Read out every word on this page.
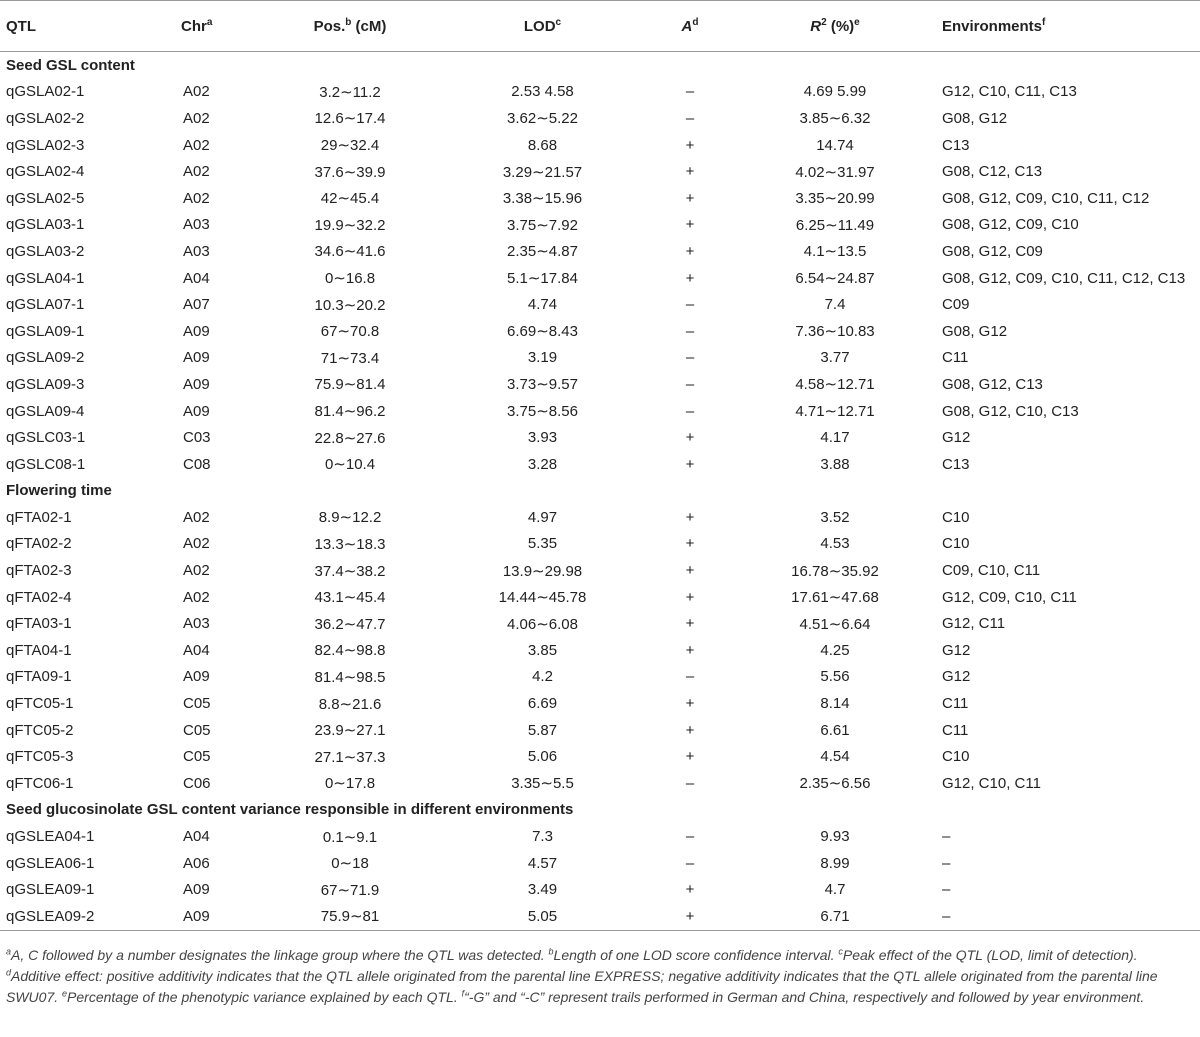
QTL	Chr$^a$	Pos.$^b$ (cM)	LOD$^c$	$A^d$	$R^2$ (%)$^e$	Environments$^f$
Seed GSL content						
qGSLA02-1	A02	3.2∼11.2	2.53 4.58	–	4.69 5.99	G12, C10, C11, C13
qGSLA02-2	A02	12.6∼17.4	3.62∼5.22	–	3.85∼6.32	G08, G12
qGSLA02-3	A02	29∼32.4	8.68	+	14.74	C13
qGSLA02-4	A02	37.6∼39.9	3.29∼21.57	+	4.02∼31.97	G08, C12, C13
qGSLA02-5	A02	42∼45.4	3.38∼15.96	+	3.35∼20.99	G08, G12, C09, C10, C11, C12
qGSLA03-1	A03	19.9∼32.2	3.75∼7.92	+	6.25∼11.49	G08, G12, C09, C10
qGSLA03-2	A03	34.6∼41.6	2.35∼4.87	+	4.1∼13.5	G08, G12, C09
qGSLA04-1	A04	0∼16.8	5.1∼17.84	+	6.54∼24.87	G08, G12, C09, C10, C11, C12, C13
qGSLA07-1	A07	10.3∼20.2	4.74	–	7.4	C09
qGSLA09-1	A09	67∼70.8	6.69∼8.43	–	7.36∼10.83	G08, G12
qGSLA09-2	A09	71∼73.4	3.19	–	3.77	C11
qGSLA09-3	A09	75.9∼81.4	3.73∼9.57	–	4.58∼12.71	G08, G12, C13
qGSLA09-4	A09	81.4∼96.2	3.75∼8.56	–	4.71∼12.71	G08, G12, C10, C13
qGSLC03-1	C03	22.8∼27.6	3.93	+	4.17	G12
qGSLC08-1	C08	0∼10.4	3.28	+	3.88	C13
Flowering time						
qFTA02-1	A02	8.9∼12.2	4.97	+	3.52	C10
qFTA02-2	A02	13.3∼18.3	5.35	+	4.53	C10
qFTA02-3	A02	37.4∼38.2	13.9∼29.98	+	16.78∼35.92	C09, C10, C11
qFTA02-4	A02	43.1∼45.4	14.44∼45.78	+	17.61∼47.68	G12, C09, C10, C11
qFTA03-1	A03	36.2∼47.7	4.06∼6.08	+	4.51∼6.64	G12, C11
qFTA04-1	A04	82.4∼98.8	3.85	+	4.25	G12
qFTA09-1	A09	81.4∼98.5	4.2	–	5.56	G12
qFTC05-1	C05	8.8∼21.6	6.69	+	8.14	C11
qFTC05-2	C05	23.9∼27.1	5.87	+	6.61	C11
qFTC05-3	C05	27.1∼37.3	5.06	+	4.54	C10
qFTC06-1	C06	0∼17.8	3.35∼5.5	–	2.35∼6.56	G12, C10, C11
Seed glucosinolate GSL content variance responsible in different environments						
qGSLEA04-1	A04	0.1∼9.1	7.3	–	9.93	–
qGSLEA06-1	A06	0∼18	4.57	–	8.99	–
qGSLEA09-1	A09	67∼71.9	3.49	+	4.7	–
qGSLEA09-2	A09	75.9∼81	5.05	+	6.71	–
$^a$A, C followed by a number designates the linkage group where the QTL was detected. $^b$Length of one LOD score confidence interval. $^c$Peak effect of the QTL (LOD, limit of detection). $^d$Additive effect: positive additivity indicates that the QTL allele originated from the parental line EXPRESS; negative additivity indicates that the QTL allele originated from the parental line SWU07. $^e$Percentage of the phenotypic variance explained by each QTL. $^f$“-G” and “-C” represent trails performed in German and China, respectively and followed by year environment.
